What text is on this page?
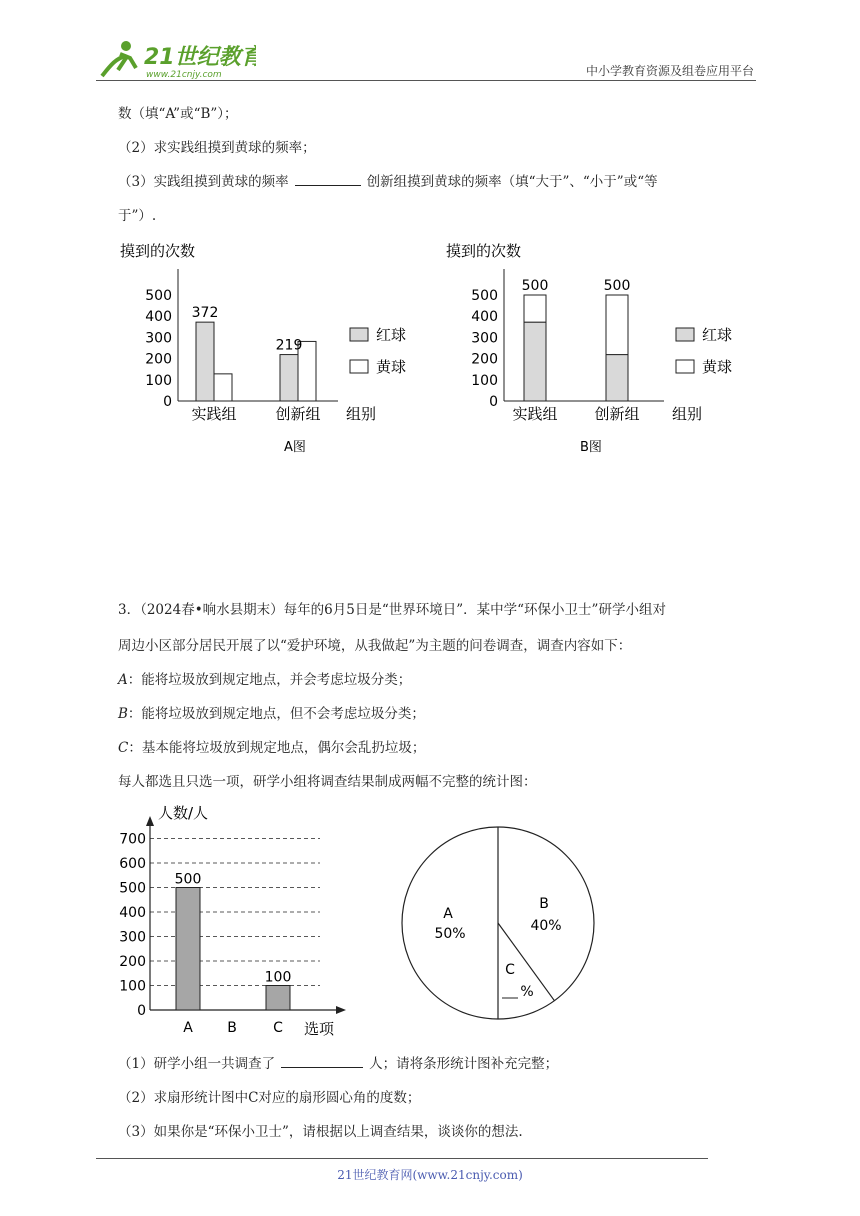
21世纪教育
www.21cnjy.com	中小学教育资源及组卷应用平台
数（填“A”或“B”）；
（2）求实践组摸到黄球的频率；
（3）实践组摸到黄球的频率	创新组摸到黄球的频率（填“大于”、“小于”或“等
于”）.
摸到的次数
0
100
200
300
400
500
372
实践组
219
创新组 组别
红球
黄球
A图
摸到的次数
0
100
200
300
400
500
500
实践组
500
创新组 组别
红球
黄球
B图
3．（2024春•响水县期末）每年的6月5日是“世界环境日”．某中学“环保小卫士”研学小组对
周边小区部分居民开展了以“爱护环境，从我做起”为主题的问卷调查，调查内容如下：
A：能将垃圾放到规定地点，并会考虑垃圾分类；
B：能将垃圾放到规定地点，但不会考虑垃圾分类；
C：基本能将垃圾放到规定地点，偶尔会乱扔垃圾；
每人都选且只选一项，研学小组将调查结果制成两幅不完整的统计图：
人数/人
0
100
200
300
400
500
600
700
500
A B
100
C 选项
A
50%
B
40%
C
%
（1）研学小组一共调查了	人；请将条形统计图补充完整；
（2）求扇形统计图中C对应的扇形圆心角的度数；
（3）如果你是“环保小卫士”，请根据以上调查结果，谈谈你的想法.
21世纪教育网(www.21cnjy.com)
